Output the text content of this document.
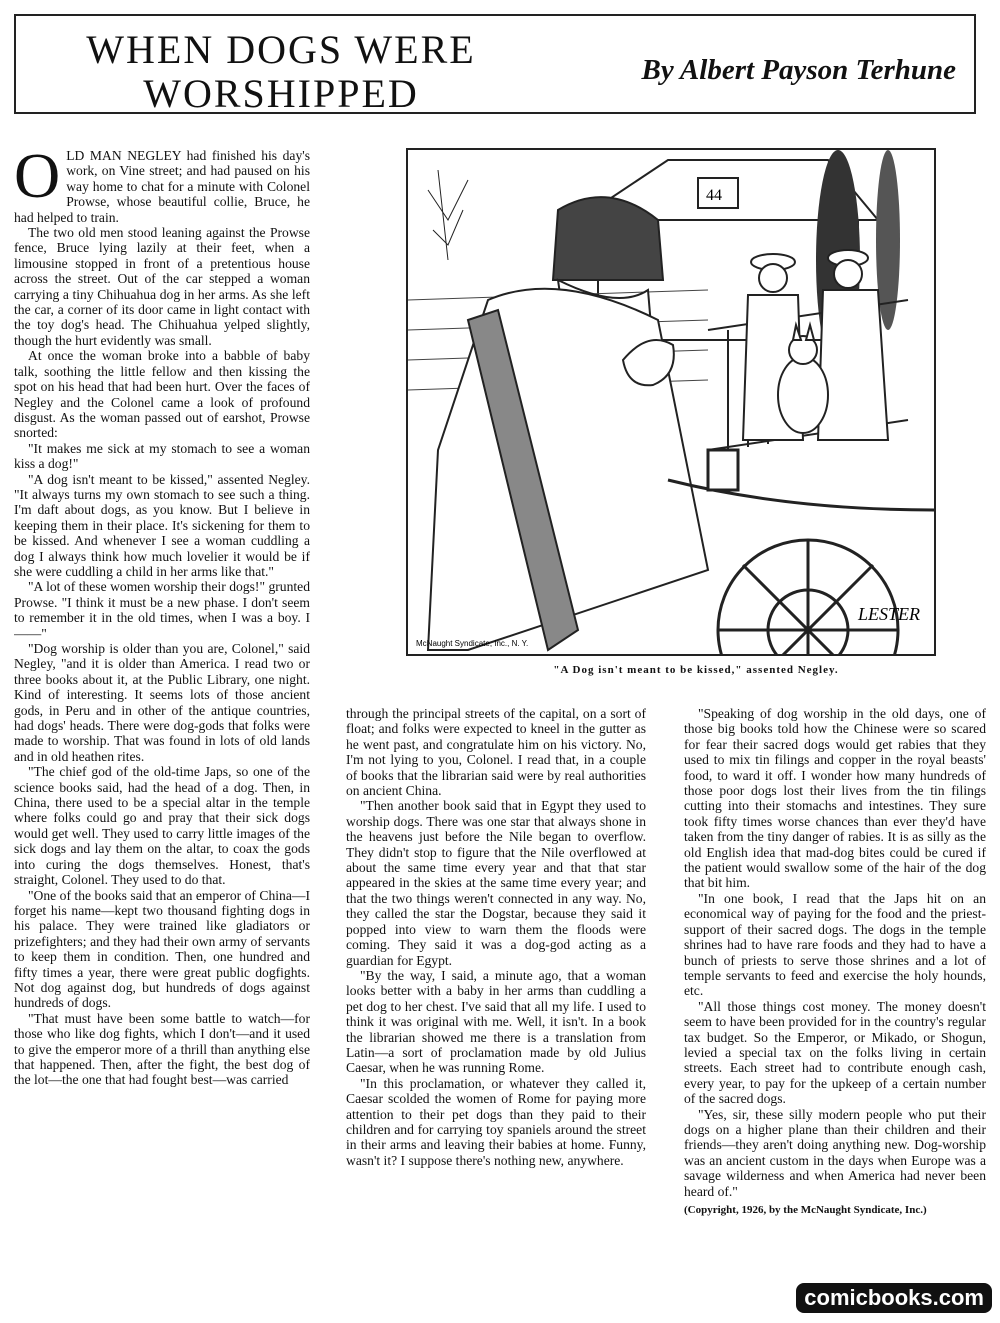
WHEN DOGS WERE
WORSHIPPED
By Albert Payson Terhune
O LD MAN NEGLEY had finished his day's work, on Vine street; and had paused on his way home to chat for a minute with Colonel Prowse, whose beautiful collie, Bruce, he had helped to train.

The two old men stood leaning against the Prowse fence, Bruce lying lazily at their feet, when a limousine stopped in front of a pretentious house across the street. Out of the car stepped a woman carrying a tiny Chihuahua dog in her arms. As she left the car, a corner of its door came in light contact with the toy dog's head. The Chihuahua yelped slightly, though the hurt evidently was small.

At once the woman broke into a babble of baby talk, soothing the little fellow and then kissing the spot on his head that had been hurt. Over the faces of Negley and the Colonel came a look of profound disgust. As the woman passed out of earshot, Prowse snorted:

"It makes me sick at my stomach to see a woman kiss a dog!"

"A dog isn't meant to be kissed," assented Negley. "It always turns my own stomach to see such a thing. I'm daft about dogs, as you know. But I believe in keeping them in their place. It's sickening for them to be kissed. And whenever I see a woman cuddling a dog I always think how much lovelier it would be if she were cuddling a child in her arms like that."

"A lot of these women worship their dogs!" grunted Prowse. "I think it must be a new phase. I don't seem to remember it in the old times, when I was a boy. I——"

"Dog worship is older than you are, Colonel," said Negley, "and it is older than America. I read two or three books about it, at the Public Library, one night. Kind of interesting. It seems lots of those ancient gods, in Peru and in other of the antique countries, had dogs' heads. There were dog-gods that folks were made to worship. That was found in lots of old lands and in old heathen rites.

"The chief god of the old-time Japs, so one of the science books said, had the head of a dog. Then, in China, there used to be a special altar in the temple where folks could go and pray that their sick dogs would get well. They used to carry little images of the sick dogs and lay them on the altar, to coax the gods into curing the dogs themselves. Honest, that's straight, Colonel. They used to do that.

"One of the books said that an emperor of China—I forget his name—kept two thousand fighting dogs in his palace. They were trained like gladiators or prizefighters; and they had their own army of servants to keep them in condition. Then, one hundred and fifty times a year, there were great public dogfights. Not dog against dog, but hundreds of dogs against hundreds of dogs.

"That must have been some battle to watch—for those who like dog fights, which I don't—and it used to give the emperor more of a thrill than anything else that happened. Then, after the fight, the best dog of the lot—the one that had fought best—was carried

44
LESTER
McNaught Syndicate, Inc., N. Y.
"A Dog isn't meant to be kissed," assented Negley.

through the principal streets of the capital, on a sort of float; and folks were expected to kneel in the gutter as he went past, and congratulate him on his victory. No, I'm not lying to you, Colonel. I read that, in a couple of books that the librarian said were by real authorities on ancient China.

"Then another book said that in Egypt they used to worship dogs. There was one star that always shone in the heavens just before the Nile began to overflow. They didn't stop to figure that the Nile overflowed at about the same time every year and that that star appeared in the skies at the same time every year; and that the two things weren't connected in any way. No, they called the star the Dogstar, because they said it popped into view to warn them the floods were coming. They said it was a dog-god acting as a guardian for Egypt.

"By the way, I said, a minute ago, that a woman looks better with a baby in her arms than cuddling a pet dog to her chest. I've said that all my life. I used to think it was original with me. Well, it isn't. In a book the librarian showed me there is a translation from Latin—a sort of proclamation made by old Julius Caesar, when he was running Rome.

"In this proclamation, or whatever they called it, Caesar scolded the women of Rome for paying more attention to their pet dogs than they paid to their children and for carrying toy spaniels around the street in their arms and leaving their babies at home. Funny, wasn't it? I suppose there's nothing new, anywhere.

"Speaking of dog worship in the old days, one of those big books told how the Chinese were so scared for fear their sacred dogs would get rabies that they used to mix tin filings and copper in the royal beasts' food, to ward it off. I wonder how many hundreds of those poor dogs lost their lives from the tin filings cutting into their stomachs and intestines. They sure took fifty times worse chances than ever they'd have taken from the tiny danger of rabies. It is as silly as the old English idea that mad-dog bites could be cured if the patient would swallow some of the hair of the dog that bit him.

"In one book, I read that the Japs hit on an economical way of paying for the food and the priest-support of their sacred dogs. The dogs in the temple shrines had to have rare foods and they had to have a bunch of priests to serve those shrines and a lot of temple servants to feed and exercise the holy hounds, etc.

"All those things cost money. The money doesn't seem to have been provided for in the country's regular tax budget. So the Emperor, or Mikado, or Shogun, levied a special tax on the folks living in certain streets. Each street had to contribute enough cash, every year, to pay for the upkeep of a certain number of the sacred dogs.

"Yes, sir, these silly modern people who put their dogs on a higher plane than their children and their friends—they aren't doing anything new. Dog-worship was an ancient custom in the days when Europe was a savage wilderness and when America had never been heard of."

(Copyright, 1926, by the McNaught Syndicate, Inc.)

comicbooks.com
